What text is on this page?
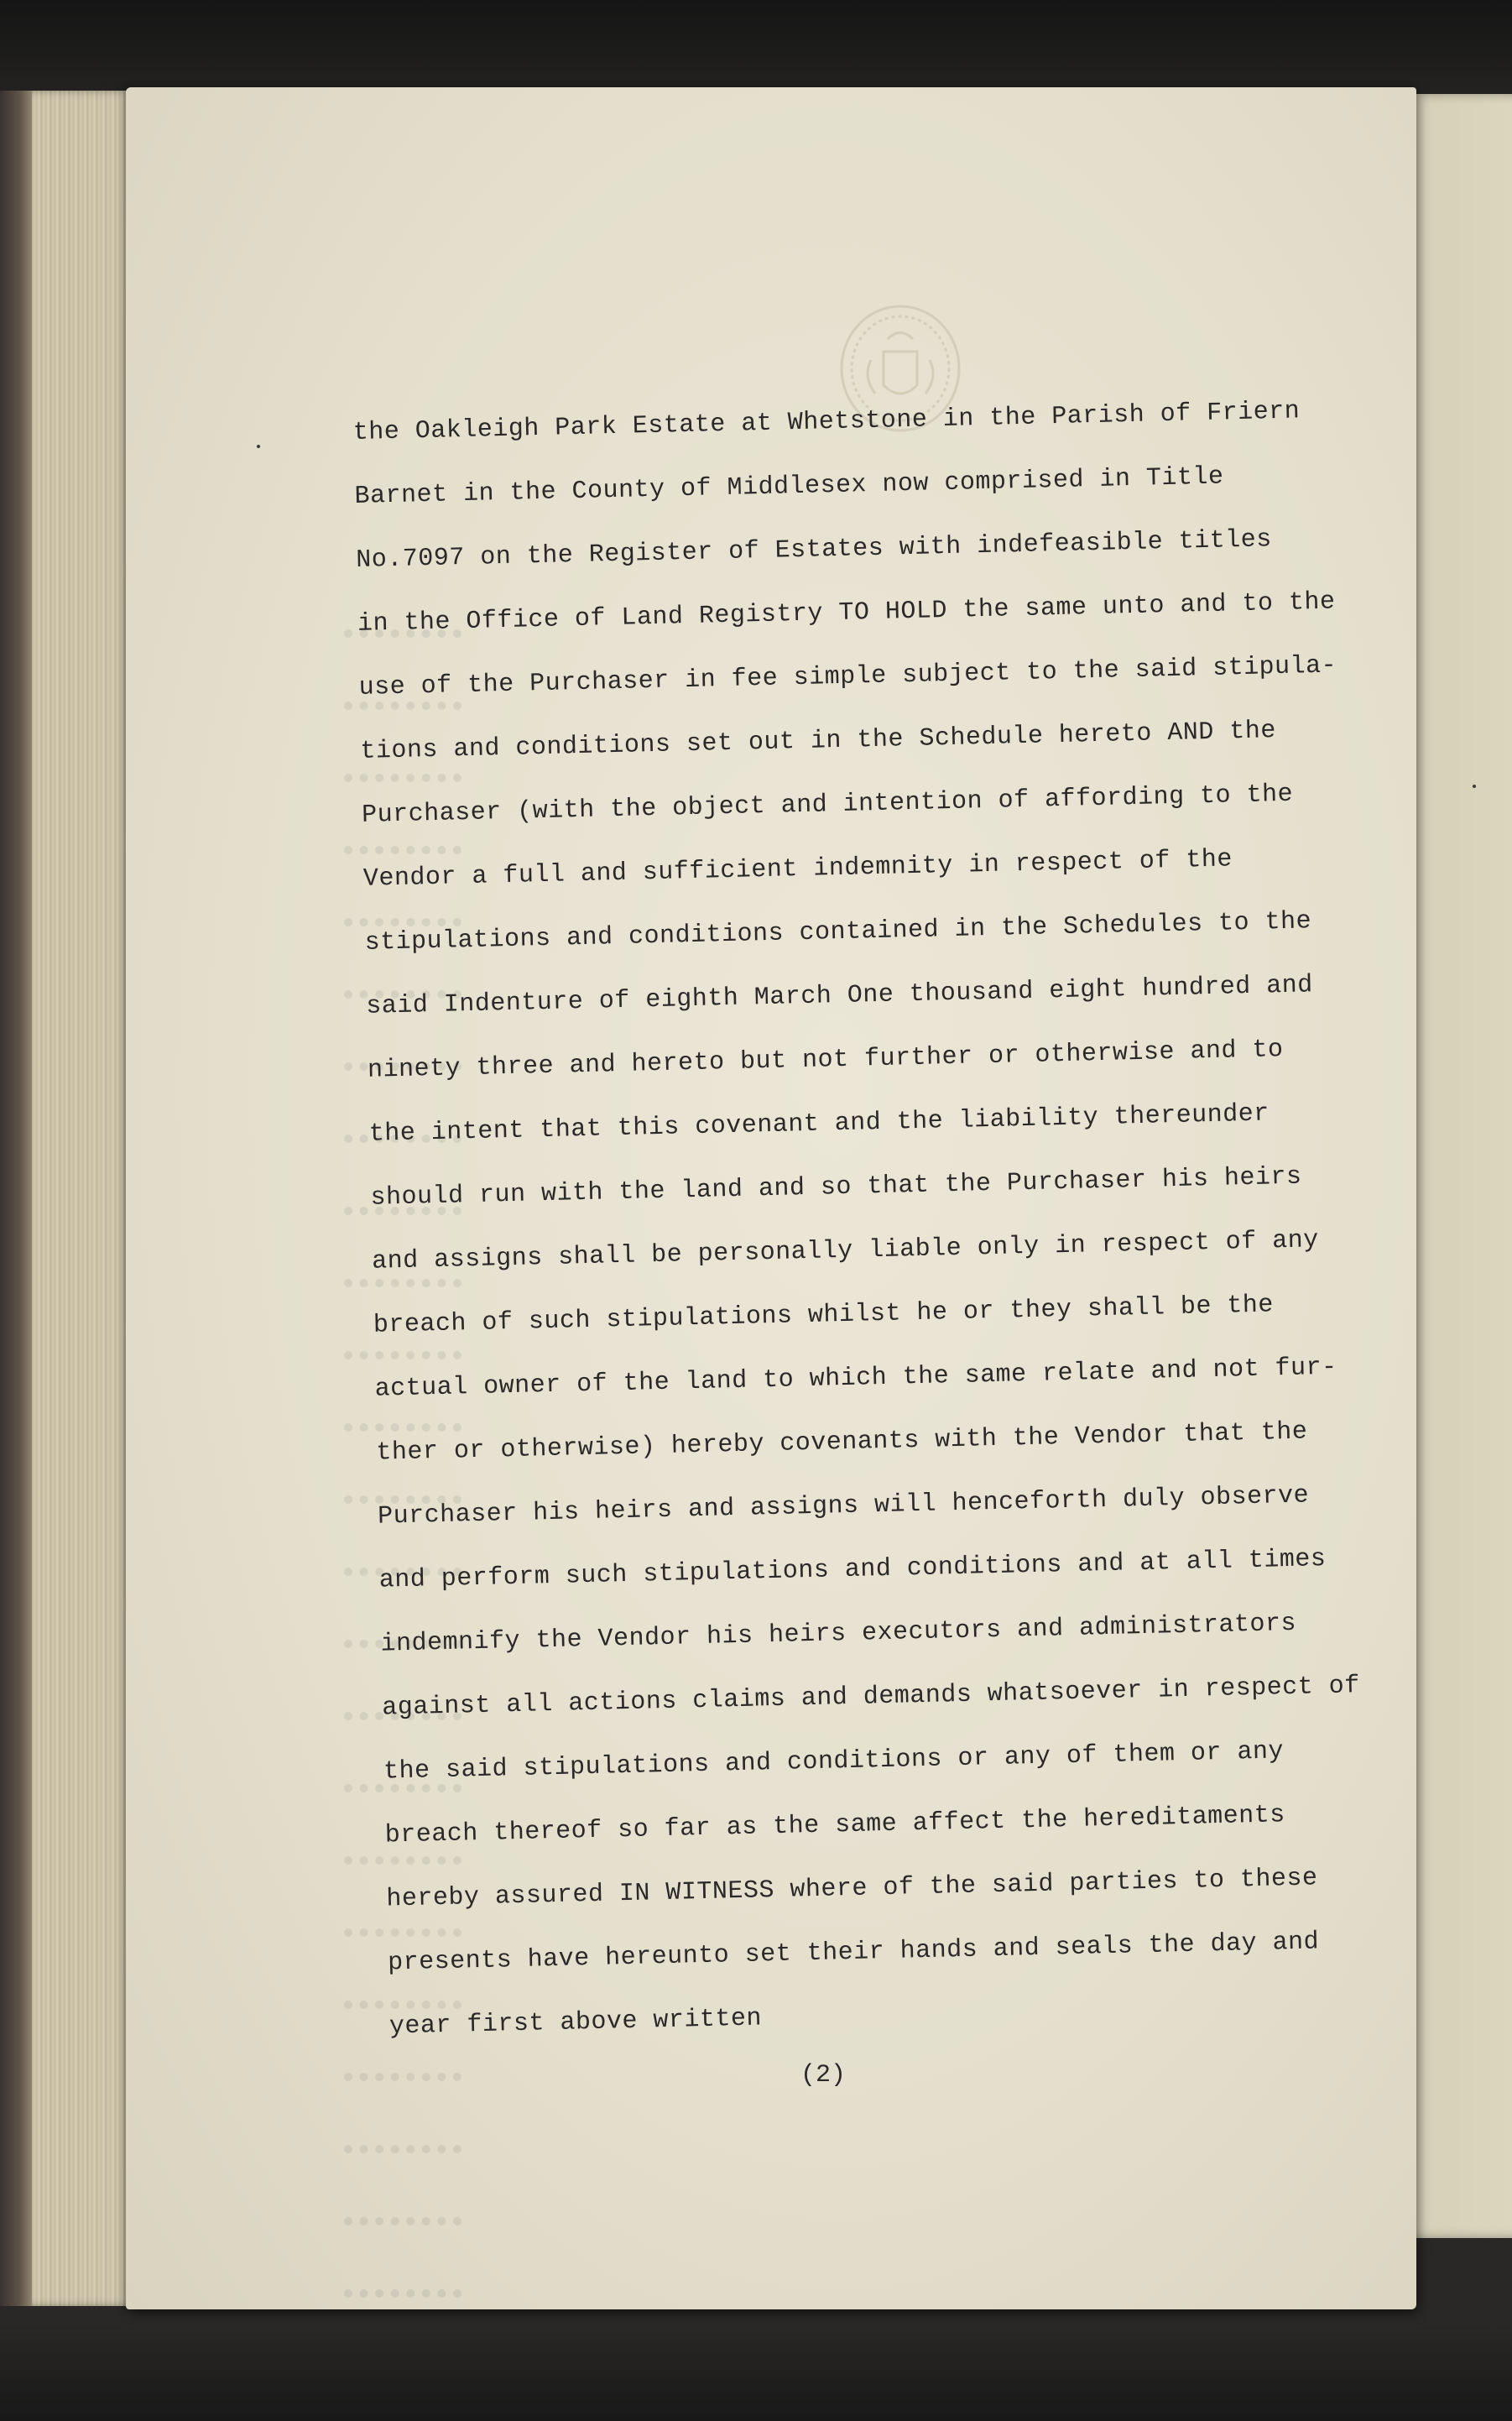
the Oakleigh Park Estate at Whetstone in the Parish of Friern
Barnet in the County of Middlesex now comprised in Title
No.7097 on the Register of Estates with indefeasible titles
in the Office of Land Registry TO HOLD the same unto and to the
use of the Purchaser in fee simple subject to the said stipula-
tions and conditions set out in the Schedule hereto AND the
Purchaser (with the object and intention of affording to the
Vendor a full and sufficient indemnity in respect of the
stipulations and conditions contained in the Schedules to the
said Indenture of eighth March One thousand eight hundred and
ninety three and hereto but not further or otherwise and to
the intent that this covenant and the liability thereunder
should run with the land and so that the Purchaser his heirs
and assigns shall be personally liable only in respect of any
breach of such stipulations whilst he or they shall be the
actual owner of the land to which the same relate and not fur-
ther or otherwise) hereby covenants with the Vendor that the
Purchaser his heirs and assigns will henceforth duly observe
and perform such stipulations and conditions and at all times
indemnify the Vendor his heirs executors and administrators
against all actions claims and demands whatsoever in respect of
the said stipulations and conditions or any of them or any
breach thereof so far as the same affect the hereditaments
hereby assured IN WITNESS where of the said parties to these
presents have hereunto set their hands and seals the day and
year first above written
(2)
